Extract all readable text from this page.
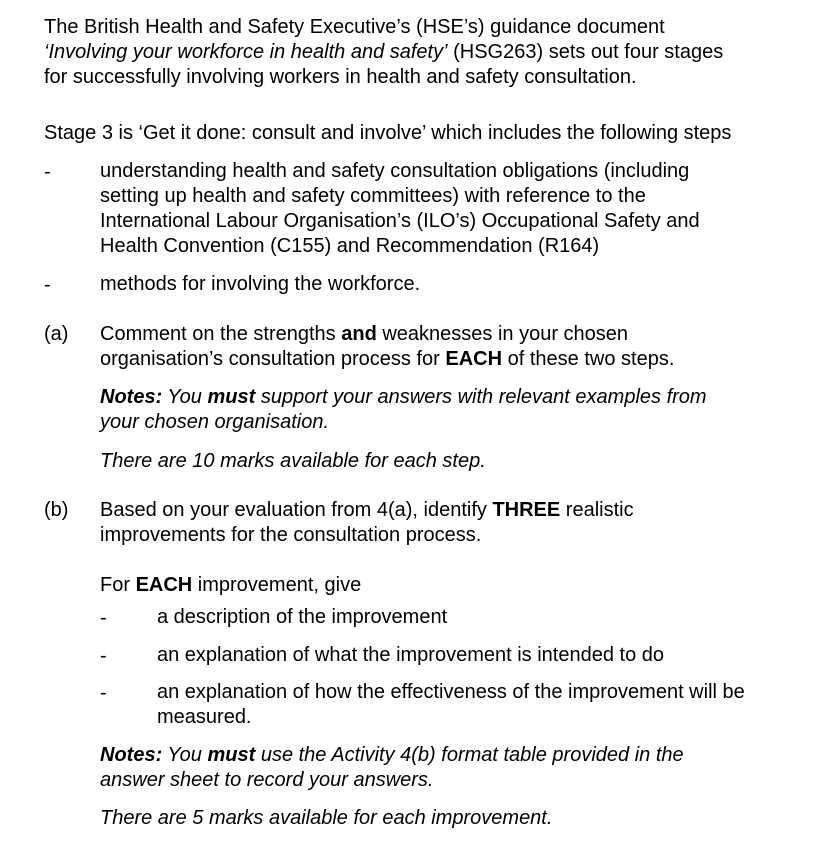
The British Health and Safety Executive’s (HSE’s) guidance document
‘Involving your workforce in health and safety’ (HSG263) sets out four stages
for successfully involving workers in health and safety consultation.
Stage 3 is ‘Get it done: consult and involve’ which includes the following steps
- understanding health and safety consultation obligations (including
setting up health and safety committees) with reference to the
International Labour Organisation’s (ILO’s) Occupational Safety and
Health Convention (C155) and Recommendation (R164)
- methods for involving the workforce.
(a) Comment on the strengths and weaknesses in your chosen
organisation’s consultation process for EACH of these two steps.
Notes: You must support your answers with relevant examples from
your chosen organisation.
There are 10 marks available for each step.
(b) Based on your evaluation from 4(a), identify THREE realistic
improvements for the consultation process.
For EACH improvement, give
-	a description of the improvement
-	an explanation of what the improvement is intended to do
-	an explanation of how the effectiveness of the improvement will be
measured.
Notes: You must use the Activity 4(b) format table provided in the
answer sheet to record your answers.
There are 5 marks available for each improvement.
